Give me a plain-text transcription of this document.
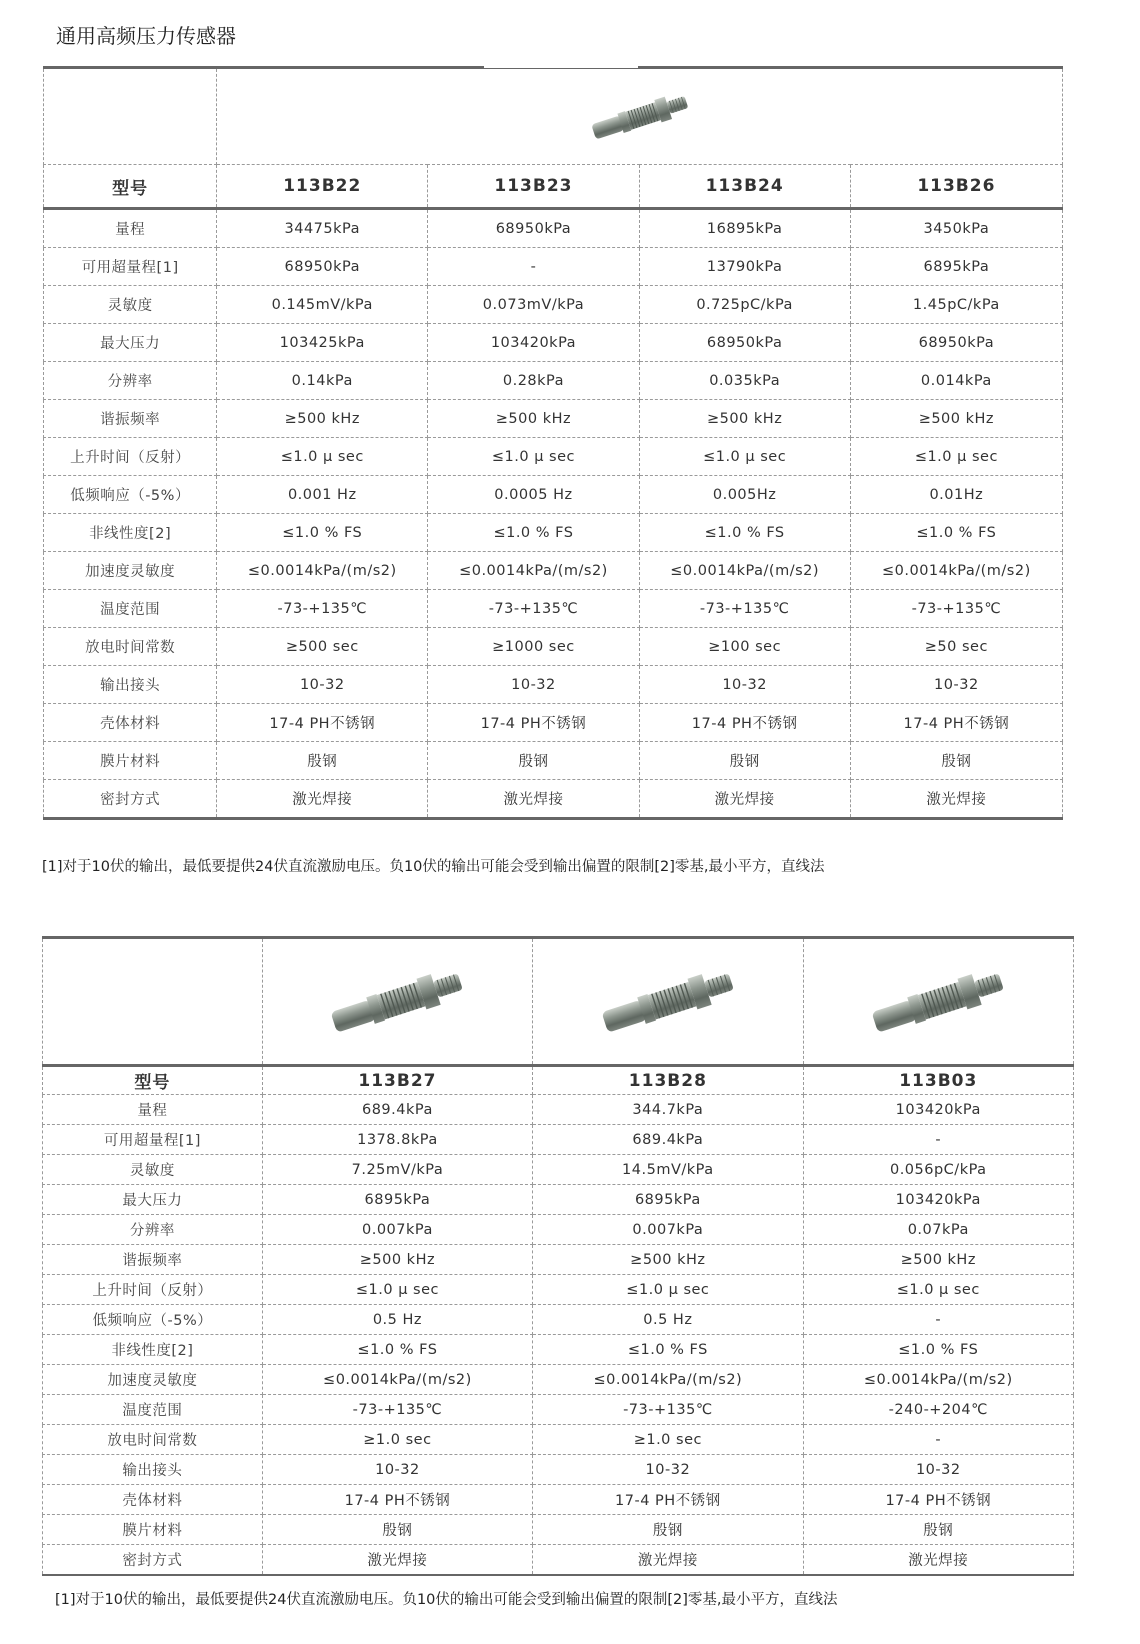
通用高频压力传感器

型号	113B22	113B23	113B24	113B26
量程	34475kPa	68950kPa	16895kPa	3450kPa
可用超量程[1]	68950kPa	-	13790kPa	6895kPa
灵敏度	0.145mV/kPa	0.073mV/kPa	0.725pC/kPa	1.45pC/kPa
最大压力	103425kPa	103420kPa	68950kPa	68950kPa
分辨率	0.14kPa	0.28kPa	0.035kPa	0.014kPa
谐振频率	≥500 kHz	≥500 kHz	≥500 kHz	≥500 kHz
上升时间（反射）	≤1.0 μ sec	≤1.0 μ sec	≤1.0 μ sec	≤1.0 μ sec
低频响应（-5%）	0.001 Hz	0.0005 Hz	0.005Hz	0.01Hz
非线性度[2]	≤1.0 % FS	≤1.0 % FS	≤1.0 % FS	≤1.0 % FS
加速度灵敏度	≤0.0014kPa/(m/s2)	≤0.0014kPa/(m/s2)	≤0.0014kPa/(m/s2)	≤0.0014kPa/(m/s2)
温度范围	-73-+135℃	-73-+135℃	-73-+135℃	-73-+135℃
放电时间常数	≥500 sec	≥1000 sec	≥100 sec	≥50 sec
输出接头	10-32	10-32	10-32	10-32
壳体材料	17-4 PH不锈钢	17-4 PH不锈钢	17-4 PH不锈钢	17-4 PH不锈钢
膜片材料	殷钢	殷钢	殷钢	殷钢
密封方式	激光焊接	激光焊接	激光焊接	激光焊接
[1]对于10伏的输出，最低要提供24伏直流激励电压。负10伏的输出可能会受到输出偏置的限制[2]零基,最小平方，直线法

型号	113B27	113B28	113B03
量程	689.4kPa	344.7kPa	103420kPa
可用超量程[1]	1378.8kPa	689.4kPa	-
灵敏度	7.25mV/kPa	14.5mV/kPa	0.056pC/kPa
最大压力	6895kPa	6895kPa	103420kPa
分辨率	0.007kPa	0.007kPa	0.07kPa
谐振频率	≥500 kHz	≥500 kHz	≥500 kHz
上升时间（反射）	≤1.0 μ sec	≤1.0 μ sec	≤1.0 μ sec
低频响应（-5%）	0.5 Hz	0.5 Hz	-
非线性度[2]	≤1.0 % FS	≤1.0 % FS	≤1.0 % FS
加速度灵敏度	≤0.0014kPa/(m/s2)	≤0.0014kPa/(m/s2)	≤0.0014kPa/(m/s2)
温度范围	-73-+135℃	-73-+135℃	-240-+204℃
放电时间常数	≥1.0 sec	≥1.0 sec	-
输出接头	10-32	10-32	10-32
壳体材料	17-4 PH不锈钢	17-4 PH不锈钢	17-4 PH不锈钢
膜片材料	殷钢	殷钢	殷钢
密封方式	激光焊接	激光焊接	激光焊接
[1]对于10伏的输出，最低要提供24伏直流激励电压。负10伏的输出可能会受到输出偏置的限制[2]零基,最小平方，直线法
